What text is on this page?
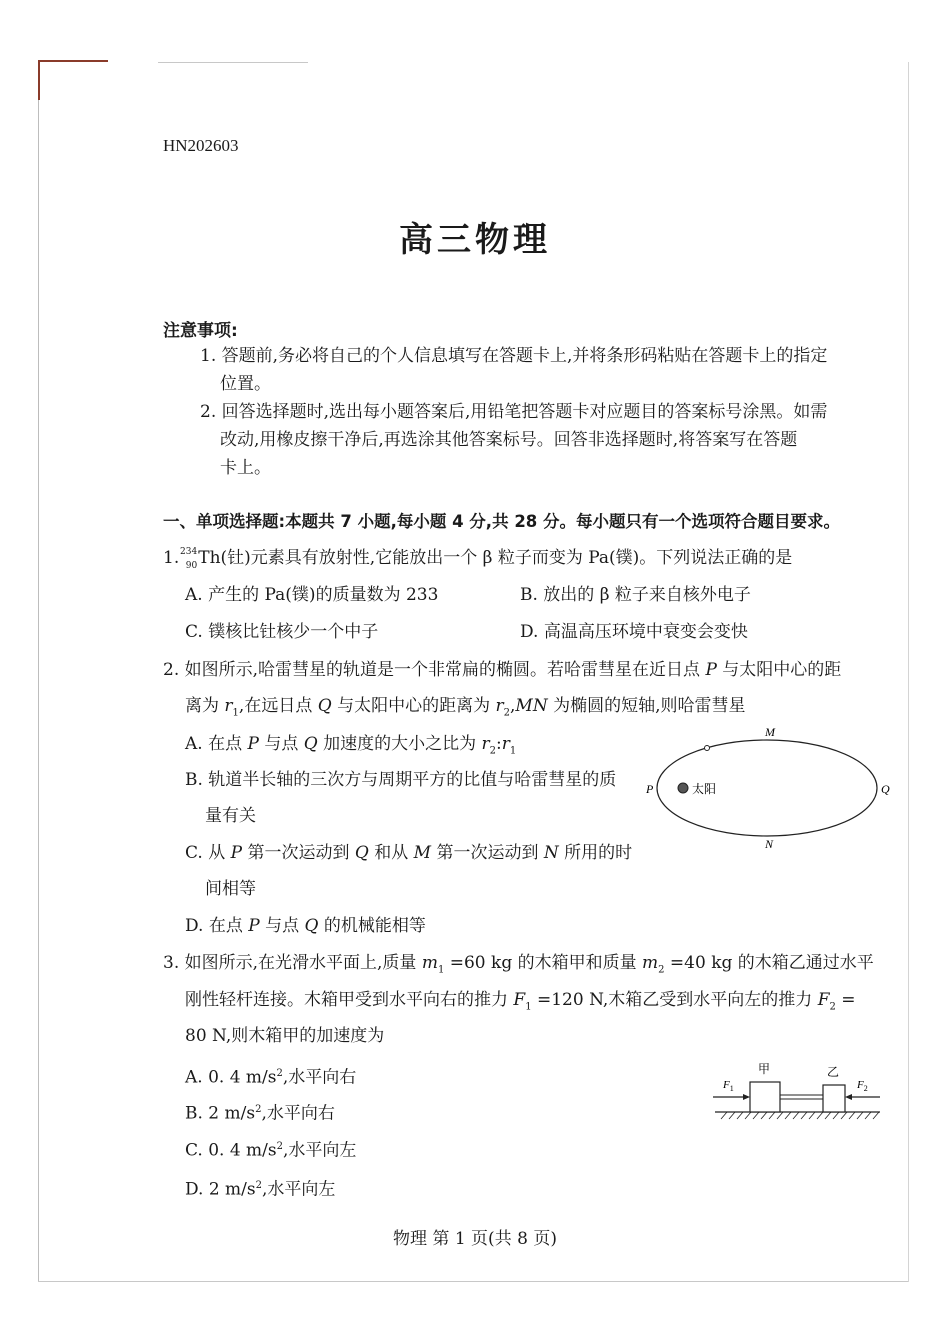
HN202603
高三物理
注意事项:
1. 答题前,务必将自己的个人信息填写在答题卡上,并将条形码粘贴在答题卡上的指定
位置。
2. 回答选择题时,选出每小题答案后,用铅笔把答题卡对应题目的答案标号涂黑。如需
改动,用橡皮擦干净后,再选涂其他答案标号。回答非选择题时,将答案写在答题
卡上。
一、单项选择题:本题共 7 小题,每小题 4 分,共 28 分。每小题只有一个选项符合题目要求。
1. 234
90 Th(钍)元素具有放射性,它能放出一个 β 粒子而变为 Pa(镤)。下列说法正确的是
A. 产生的 Pa(镤)的质量数为 233	B. 放出的 β 粒子来自核外电子
C. 镤核比钍核少一个中子	D. 高温高压环境中衰变会变快
2. 如图所示,哈雷彗星的轨道是一个非常扁的椭圆。若哈雷彗星在近日点 P 与太阳中心的距
离为 $r_1$,在远日点 Q 与太阳中心的距离为 $r_2,MN$ 为椭圆的短轴,则哈雷彗星
A. 在点 P 与点 Q 加速度的大小之比为 $r_2:r_1$
B. 轨道半长轴的三次方与周期平方的比值与哈雷彗星的质
量有关
C. 从 P 第一次运动到 Q 和从 M 第一次运动到 N 所用的时
间相等
D. 在点 P 与点 Q 的机械能相等
太阳
M
N
P	Q
3. 如图所示,在光滑水平面上,质量 $m_1 =60$ kg 的木箱甲和质量 $m_2 =40$ kg 的木箱乙通过水平
刚性轻杆连接。木箱甲受到水平向右的推力 $F_1 =120$ N,木箱乙受到水平向左的推力 $F_2$ =
80 N,则木箱甲的加速度为
A. 0. 4 $m/s^2$,水平向右
B. 2 $m/s^2$,水平向右
C. 0. 4 $m/s^2$,水平向左
D. 2 $m/s^2$,水平向左
甲	乙
$F_1$	$F_2$
物理 第 1 页(共 8 页)
